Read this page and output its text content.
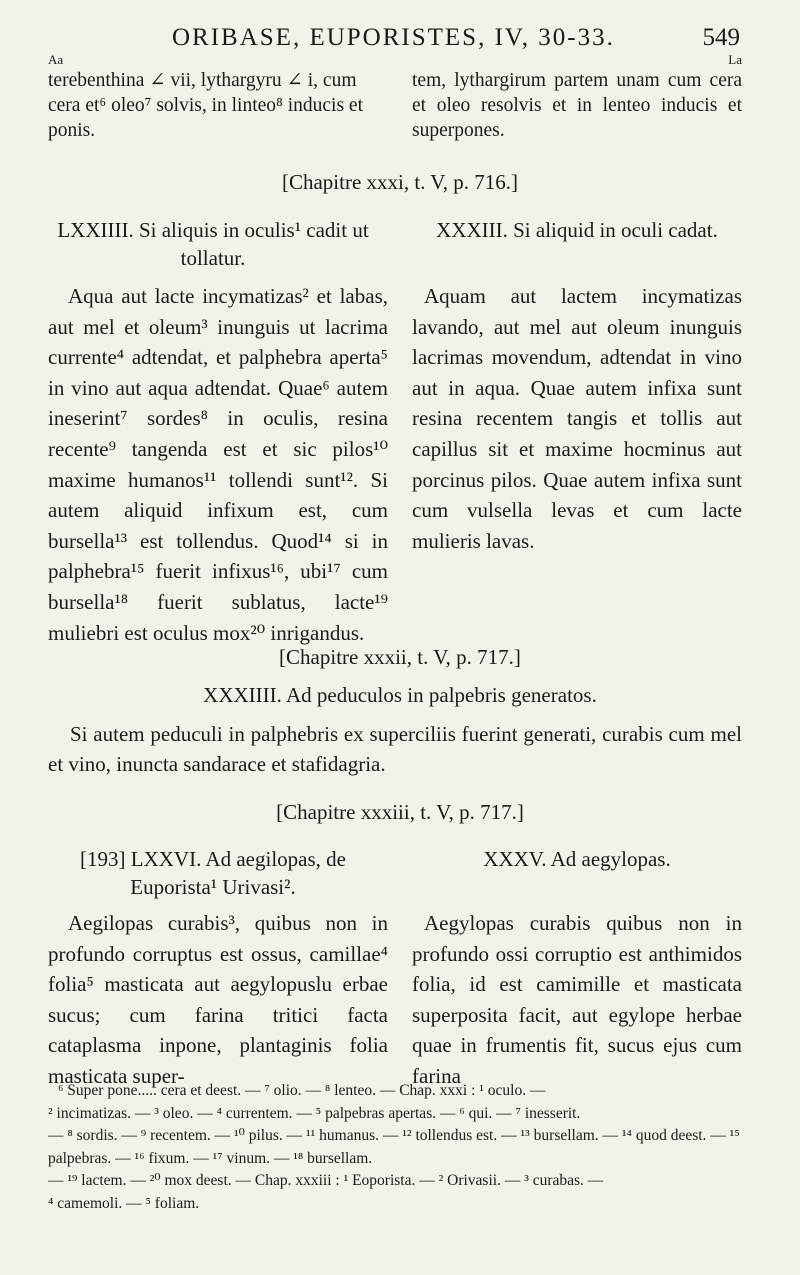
ORIBASE, EUPORISTES, IV, 30-33.	549
Aa	La
terebenthina ∠ vii, lythargyru ∠ i, cum cera et⁶ oleo⁷ solvis, in linteo⁸ inducis et ponis.
tem, lythargirum partem unam cum cera et oleo resolvis et in lenteo inducis et superpones.
[Chapitre xxxi, t. V, p. 716.]
LXXIIII. Si aliquis in oculis¹ cadit ut tollatur.
XXXIII. Si aliquid in oculi cadat.
Aqua aut lacte incymatizas² et labas, aut mel et oleum³ inunguis ut lacrima currente⁴ adtendat, et palphebra aperta⁵ in vino aut aqua adtendat. Quae⁶ autem ineserint⁷ sordes⁸ in oculis, resina recente⁹ tangenda est et sic pilos¹⁰ maxime humanos¹¹ tollendi sunt¹². Si autem aliquid infixum est, cum bursella¹³ est tollendus. Quod¹⁴ si in palphebra¹⁵ fuerit infixus¹⁶, ubi¹⁷ cum bursella¹⁸ fuerit sublatus, lacte¹⁹ muliebri est oculus mox²⁰ inrigandus.
Aquam aut lactem incymatizas lavando, aut mel aut oleum inunguis lacrimas movendum, adtendat in vino aut in aqua. Quae autem infixa sunt resina recentem tangis et tollis aut capillus sit et maxime hocminus aut porcinus pilos. Quae autem infixa sunt cum vulsella levas et cum lacte mulieris lavas.
[Chapitre xxxii, t. V, p. 717.]
XXXIIII. Ad peduculos in palpebris generatos.
Si autem peduculi in palphebris ex superciliis fuerint generati, curabis cum mel et vino, inuncta sandarace et stafidagria.
[Chapitre xxxiii, t. V, p. 717.]
[193] LXXVI. Ad aegilopas, de Euporista¹ Urivasi².
XXXV. Ad aegylopas.
Aegilopas curabis³, quibus non in profundo corruptus est ossus, camillae⁴ folia⁵ masticata aut aegylopuslu erbae sucus; cum farina tritici facta cataplasma inpone, plantaginis folia masticata super-
Aegylopas curabis quibus non in profundo ossi corruptio est anthimidos folia, id est camimille et masticata superposita facit, aut egylope herbae quae in frumentis fit, sucus ejus cum farina

⁶ Super pone..... cera et deest. — ⁷ olio. — ⁸ lenteo. — Chap. xxxi : ¹ oculo. —

² incimatizas. — ³ oleo. — ⁴ currentem. — ⁵ palpebras apertas. — ⁶ qui. — ⁷ inesserit.

— ⁸ sordis. — ⁹ recentem. — ¹⁰ pilus. — ¹¹ humanus. — ¹² tollendus est. — ¹³ bursellam. — ¹⁴ quod deest. — ¹⁵ palpebras. — ¹⁶ fixum. — ¹⁷ vinum. — ¹⁸ bursellam.

— ¹⁹ lactem. — ²⁰ mox deest. — Chap. xxxiii : ¹ Eoporista. — ² Orivasii. — ³ curabas. —

⁴ camemoli. — ⁵ foliam.
